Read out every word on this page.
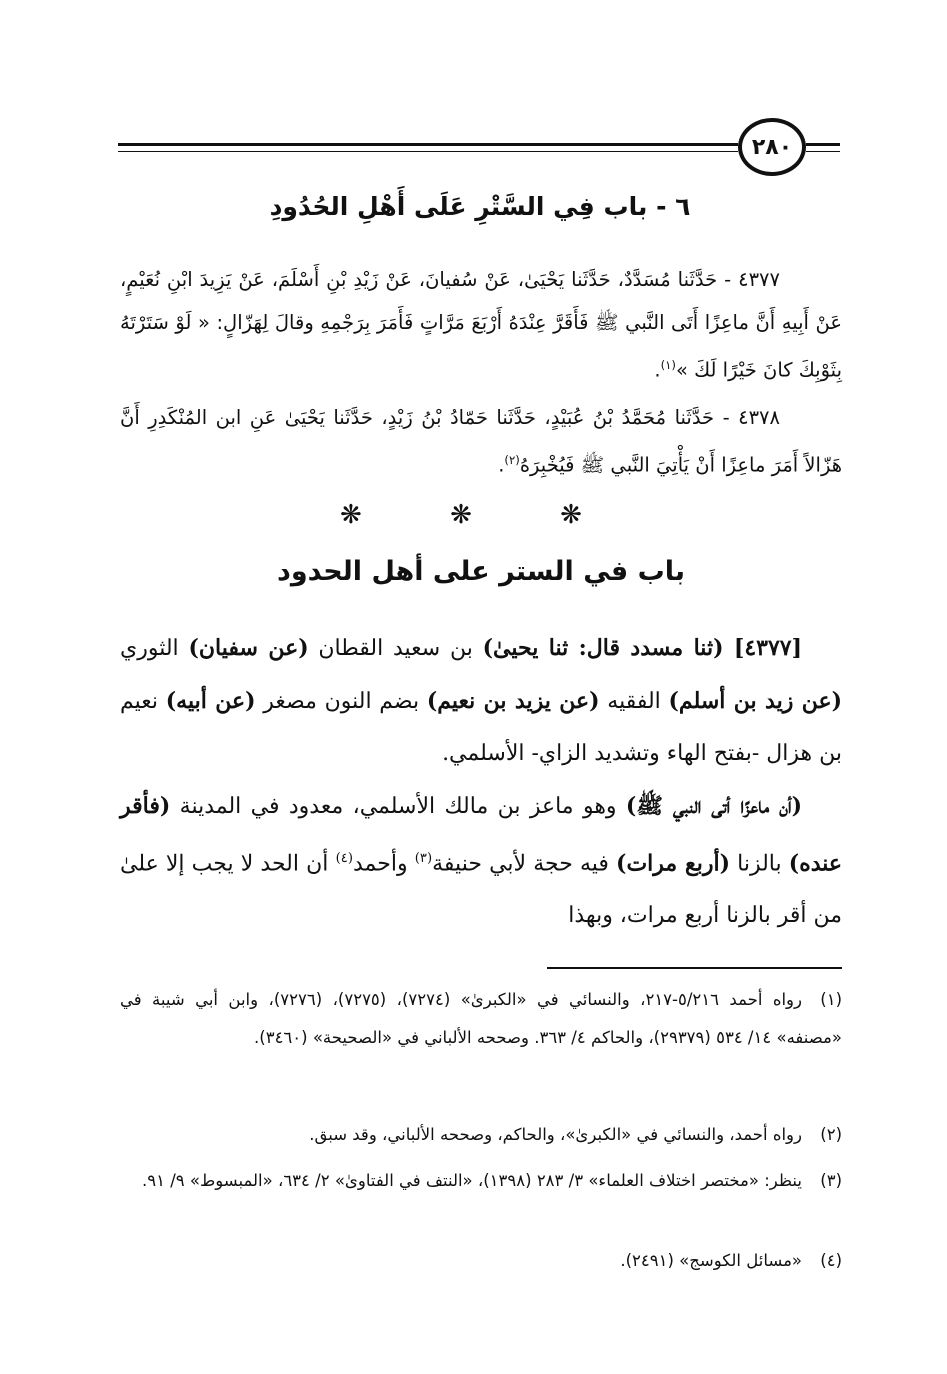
٢٨٠
٦ - باب فِي السَّتْرِ عَلَى أَهْلِ الحُدُودِ
٤٣٧٧ - حَدَّثَنا مُسَدَّدٌ، حَدَّثَنا يَحْيَىٰ، عَنْ سُفيانَ، عَنْ زَيْدِ بْنِ أَسْلَمَ، عَنْ يَزِيدَ ابْنِ نُعَيْمٍ، عَنْ أَبِيهِ أَنَّ ماعِزًا أَتَى النَّبي ﷺ فَأَقَرَّ عِنْدَهُ أَرْبَعَ مَرَّاتٍ فَأَمَرَ بِرَجْمِهِ وقالَ لِهَزّالٍ: « لَوْ سَتَرْتَهُ بِثَوْبِكَ كانَ خَيْرًا لَكَ »$^{(١)}$.
٤٣٧٨ - حَدَّثَنا مُحَمَّدُ بْنُ عُبَيْدٍ، حَدَّثَنا حَمّادُ بْنُ زَيْدٍ، حَدَّثَنا يَحْيَىٰ عَنِ ابن المُنْكَدِرِ أَنَّ هَزّالاً أَمَرَ ماعِزًا أَنْ يَأْتِيَ النَّبي ﷺ فَيُخْبِرَهُ$^{(٢)}$.
❋ ❋ ❋
باب في الستر على أهل الحدود
[٤٣٧٧] (ثنا مسدد قال: ثنا يحيىٰ) بن سعيد القطان (عن سفيان) الثوري (عن زيد بن أسلم) الفقيه (عن يزيد بن نعيم) بضم النون مصغر (عن أبيه) نعيم بن هزال -بفتح الهاء وتشديد الزاي- الأسلمي.
(أن ماعزًا أتى النبي ﷺ) وهو ماعز بن مالك الأسلمي، معدود في المدينة (فأقر عنده) بالزنا (أربع مرات) فيه حجة لأبي حنيفة$^{(٣)}$ وأحمد$^{(٤)}$ أن الحد لا يجب إلا علىٰ من أقر بالزنا أربع مرات، وبهذا
(١)رواه أحمد ٥/٢١٦-٢١٧، والنسائي في «الكبرىٰ» (٧٢٧٤)، (٧٢٧٥)، (٧٢٧٦)، وابن أبي شيبة في «مصنفه» ١٤/ ٥٣٤ (٢٩٣٧٩)، والحاكم ٤/ ٣٦٣. وصححه الألباني في «الصحيحة» (٣٤٦٠).
(٢)رواه أحمد، والنسائي في «الكبرىٰ»، والحاكم، وصححه الألباني، وقد سبق.
(٣)ينظر: «مختصر اختلاف العلماء» ٣/ ٢٨٣ (١٣٩٨)، «النتف في الفتاوىٰ» ٢/ ٦٣٤، «المبسوط» ٩/ ٩١.
(٤)«مسائل الكوسج» (٢٤٩١).
